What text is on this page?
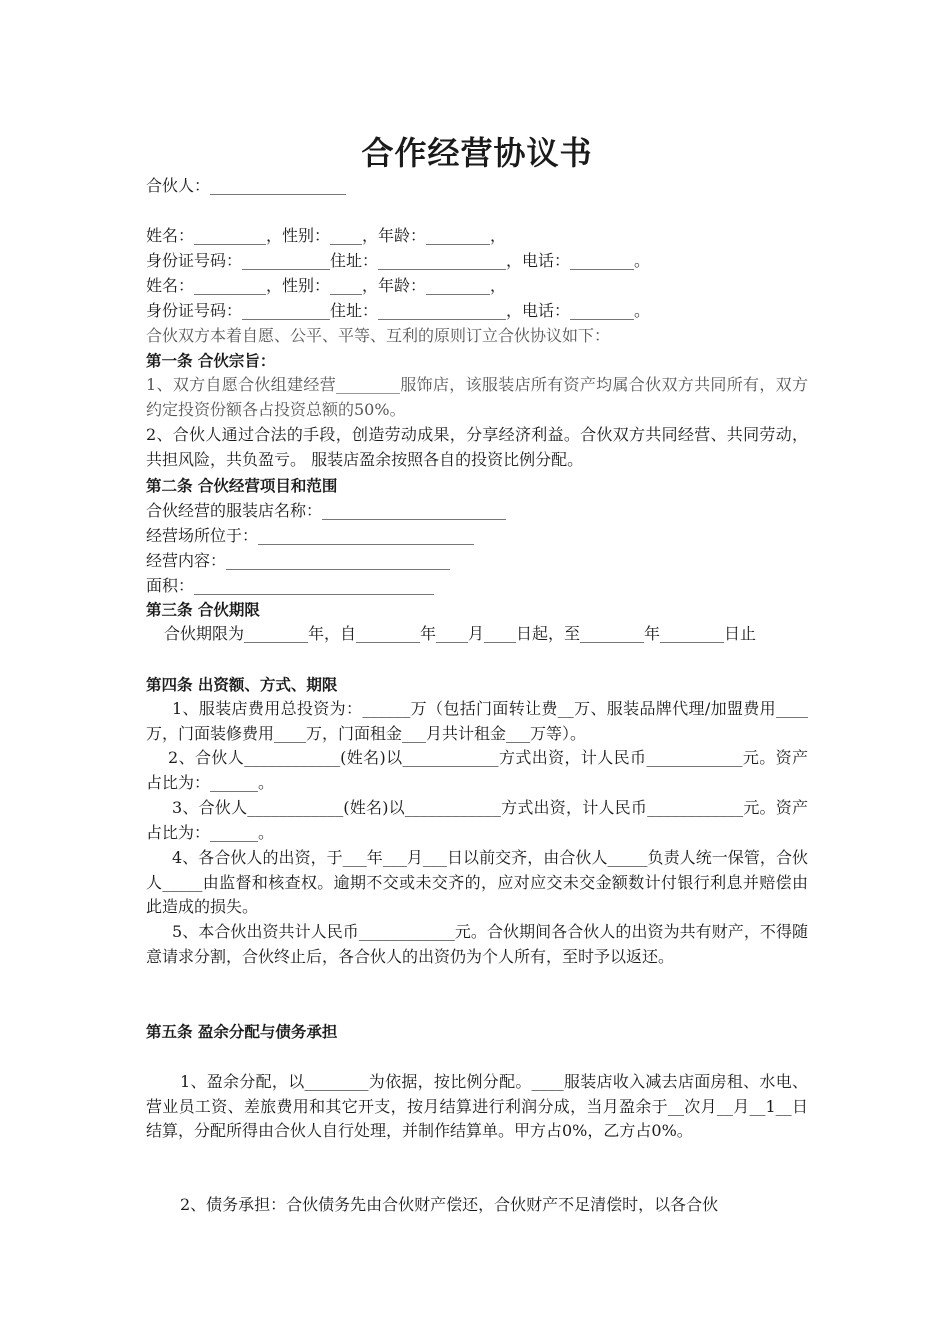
合作经营协议书
合伙人：_________________
姓名：_________，性别：____，年龄：________，
身份证号码：___________住址：________________，电话：________。
姓名：_________，性别：____，年龄：________，
身份证号码：___________住址：________________，电话：________。
合伙双方本着自愿、公平、平等、互利的原则订立合伙协议如下：
第一条 合伙宗旨：
1、双方自愿合伙组建经营________服饰店，该服装店所有资产均属合伙双方共同所有，双方约定投资份额各占投资总额的50%。
2、合伙人通过合法的手段，创造劳动成果，分享经济利益。合伙双方共同经营、共同劳动，共担风险，共负盈亏。 服装店盈余按照各自的投资比例分配。
第二条 合伙经营项目和范围
合伙经营的服装店名称：_______________________
经营场所位于：___________________________
经营内容：____________________________
面积：______________________________
第三条 合伙期限
合伙期限为________年，自________年____月____日起，至________年________日止
第四条 出资额、方式、期限
1、服装店费用总投资为：______万（包括门面转让费__万、服装品牌代理/加盟费用____万，门面装修费用____万，门面租金___月共计租金___万等）。
2、合伙人____________(姓名)以____________方式出资，计人民币____________元。资产占比为：______。
3、合伙人____________(姓名)以____________方式出资，计人民币____________元。资产占比为：______。
4、各合伙人的出资，于___年___月___日以前交齐，由合伙人_____负责人统一保管，合伙人_____由监督和核查权。逾期不交或未交齐的，应对应交未交金额数计付银行利息并赔偿由此造成的损失。
5、本合伙出资共计人民币____________元。合伙期间各合伙人的出资为共有财产，不得随意请求分割，合伙终止后，各合伙人的出资仍为个人所有，至时予以返还。
第五条 盈余分配与债务承担
1、盈余分配，以________为依据，按比例分配。____服装店收入减去店面房租、水电、营业员工资、差旅费用和其它开支，按月结算进行利润分成，当月盈余于__次月__月__1__日结算，分配所得由合伙人自行处理，并制作结算单。甲方占0%，乙方占0%。
2、债务承担：合伙债务先由合伙财产偿还，合伙财产不足清偿时，以各合伙
